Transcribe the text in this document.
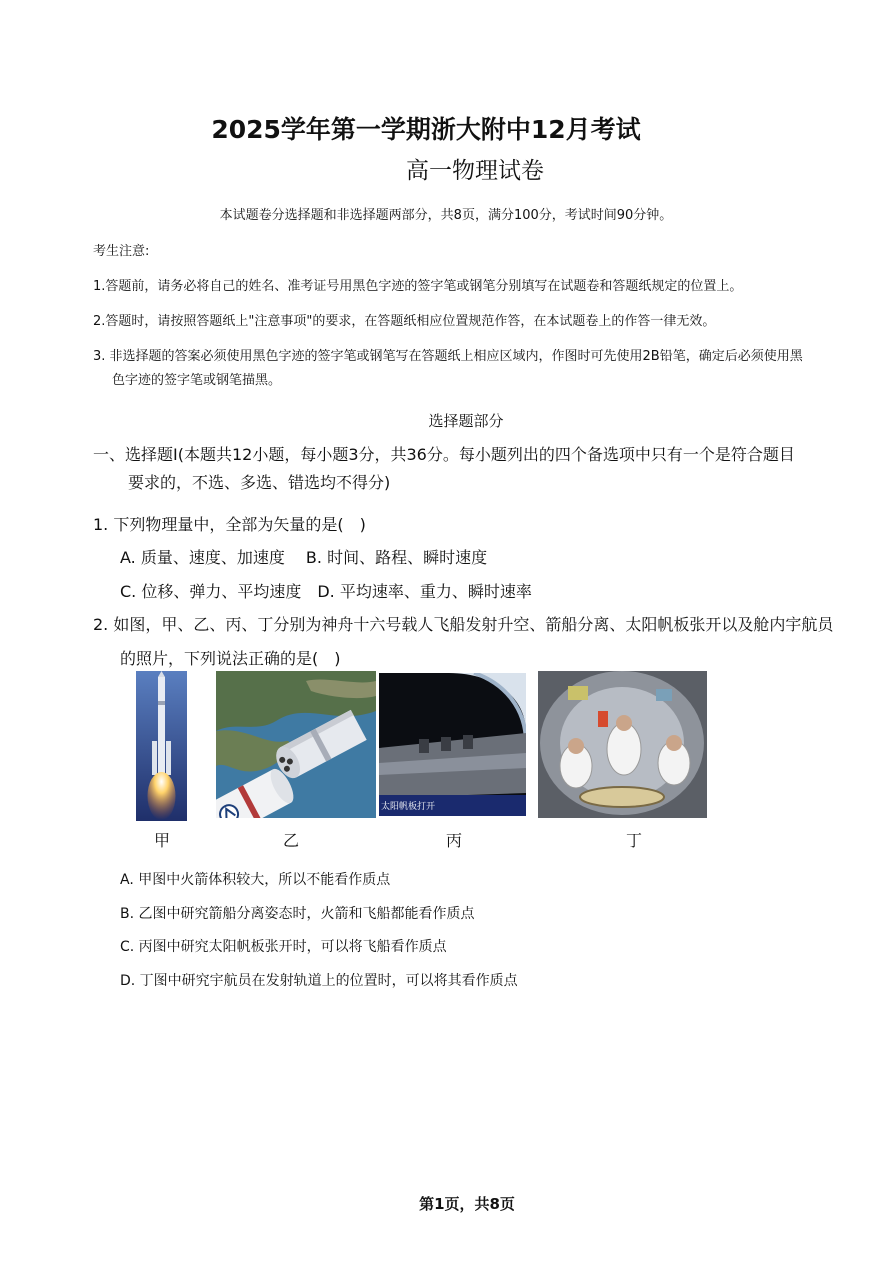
2025学年第一学期浙大附中12月考试
高一物理试卷
本试题卷分选择题和非选择题两部分，共8页，满分100分，考试时间90分钟。
考生注意:
1.答题前，请务必将自己的姓名、准考证号用黑色字迹的签字笔或钢笔分别填写在试题卷和答题纸规定的位置上。
2.答题时，请按照答题纸上"注意事项"的要求，在答题纸相应位置规范作答，在本试题卷上的作答一律无效。
3. 非选择题的答案必须使用黑色字迹的签字笔或钢笔写在答题纸上相应区域内，作图时可先使用2B铅笔，确定后必须使用黑
色字迹的签字笔或钢笔描黑。
选择题部分
一、选择题I(本题共12小题，每小题3分，共36分。每小题列出的四个备选项中只有一个是符合题目
要求的，不选、多选、错选均不得分)
1. 下列物理量中，全部为矢量的是(　)
A. 质量、速度、加速度　 B. 时间、路程、瞬时速度
C. 位移、弹力、平均速度　D. 平均速率、重力、瞬时速率
2. 如图，甲、乙、丙、丁分别为神舟十六号载人飞船发射升空、箭船分离、太阳帆板张开以及舱内宇航员
的照片，下列说法正确的是(　)
太阳帆板打开
甲	乙	丙	丁
A. 甲图中火箭体积较大，所以不能看作质点
B. 乙图中研究箭船分离姿态时，火箭和飞船都能看作质点
C. 丙图中研究太阳帆板张开时，可以将飞船看作质点
D. 丁图中研究宇航员在发射轨道上的位置时，可以将其看作质点
第1页，共8页
